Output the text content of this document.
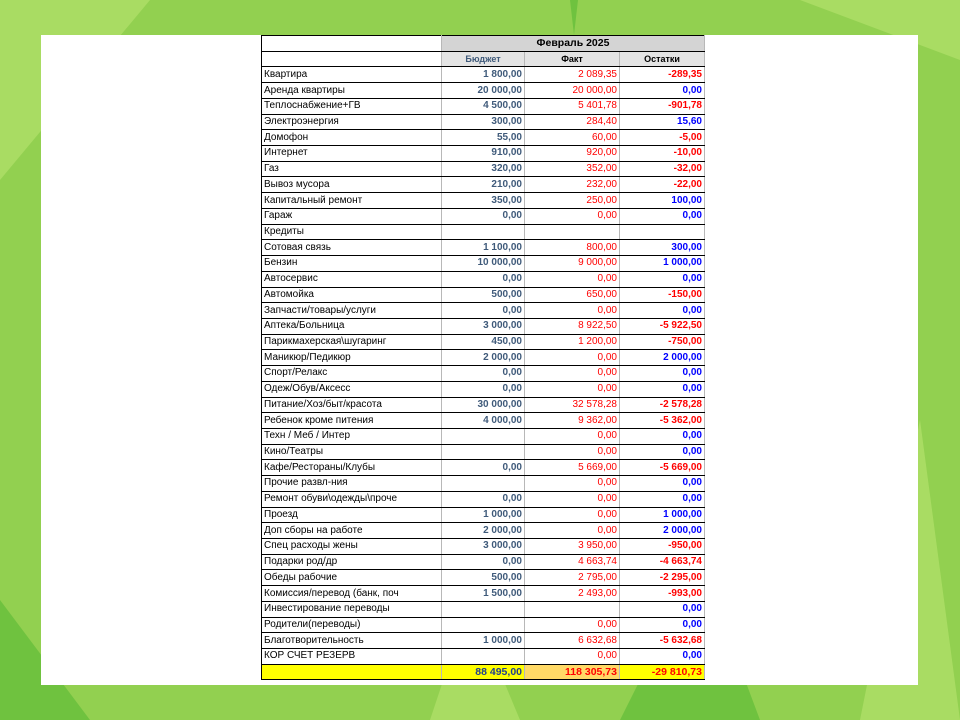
	Февраль 2025		
	Бюджет	Факт	Остатки
Квартира	1 800,00	2 089,35	-289,35
Аренда квартиры	20 000,00	20 000,00	0,00
Теплоснабжение+ГВ	4 500,00	5 401,78	-901,78
Электроэнергия	300,00	284,40	15,60
Домофон	55,00	60,00	-5,00
Интернет	910,00	920,00	-10,00
Газ	320,00	352,00	-32,00
Вывоз мусора	210,00	232,00	-22,00
Капитальный ремонт	350,00	250,00	100,00
Гараж	0,00	0,00	0,00
Кредиты			
Сотовая связь	1 100,00	800,00	300,00
Бензин	10 000,00	9 000,00	1 000,00
Автосервис	0,00	0,00	0,00
Автомойка	500,00	650,00	-150,00
Запчасти/товары/услуги	0,00	0,00	0,00
Аптека/Больница	3 000,00	8 922,50	-5 922,50
Парикмахерская\шугаринг	450,00	1 200,00	-750,00
Маникюр/Педикюр	2 000,00	0,00	2 000,00
Спорт/Релакс	0,00	0,00	0,00
Одеж/Обув/Аксесс	0,00	0,00	0,00
Питание/Хоз/быт/красота	30 000,00	32 578,28	-2 578,28
Ребенок кроме питения	4 000,00	9 362,00	-5 362,00
Техн / Меб / Интер		0,00	0,00
Кино/Театры		0,00	0,00
Кафе/Рестораны/Клубы	0,00	5 669,00	-5 669,00
Прочие развл-ния		0,00	0,00
Ремонт обуви\одежды\проче	0,00	0,00	0,00
Проезд	1 000,00	0,00	1 000,00
Доп сборы на работе	2 000,00	0,00	2 000,00
Спец расходы жены	3 000,00	3 950,00	-950,00
Подарки род/др	0,00	4 663,74	-4 663,74
Обеды рабочие	500,00	2 795,00	-2 295,00
Комиссия/перевод (банк, поч	1 500,00	2 493,00	-993,00
Инвестирование переводы			0,00
Родители(переводы)		0,00	0,00
Благотворительность	1 000,00	6 632,68	-5 632,68
КОР СЧЕТ РЕЗЕРВ		0,00	0,00
	88 495,00	118 305,73	-29 810,73
